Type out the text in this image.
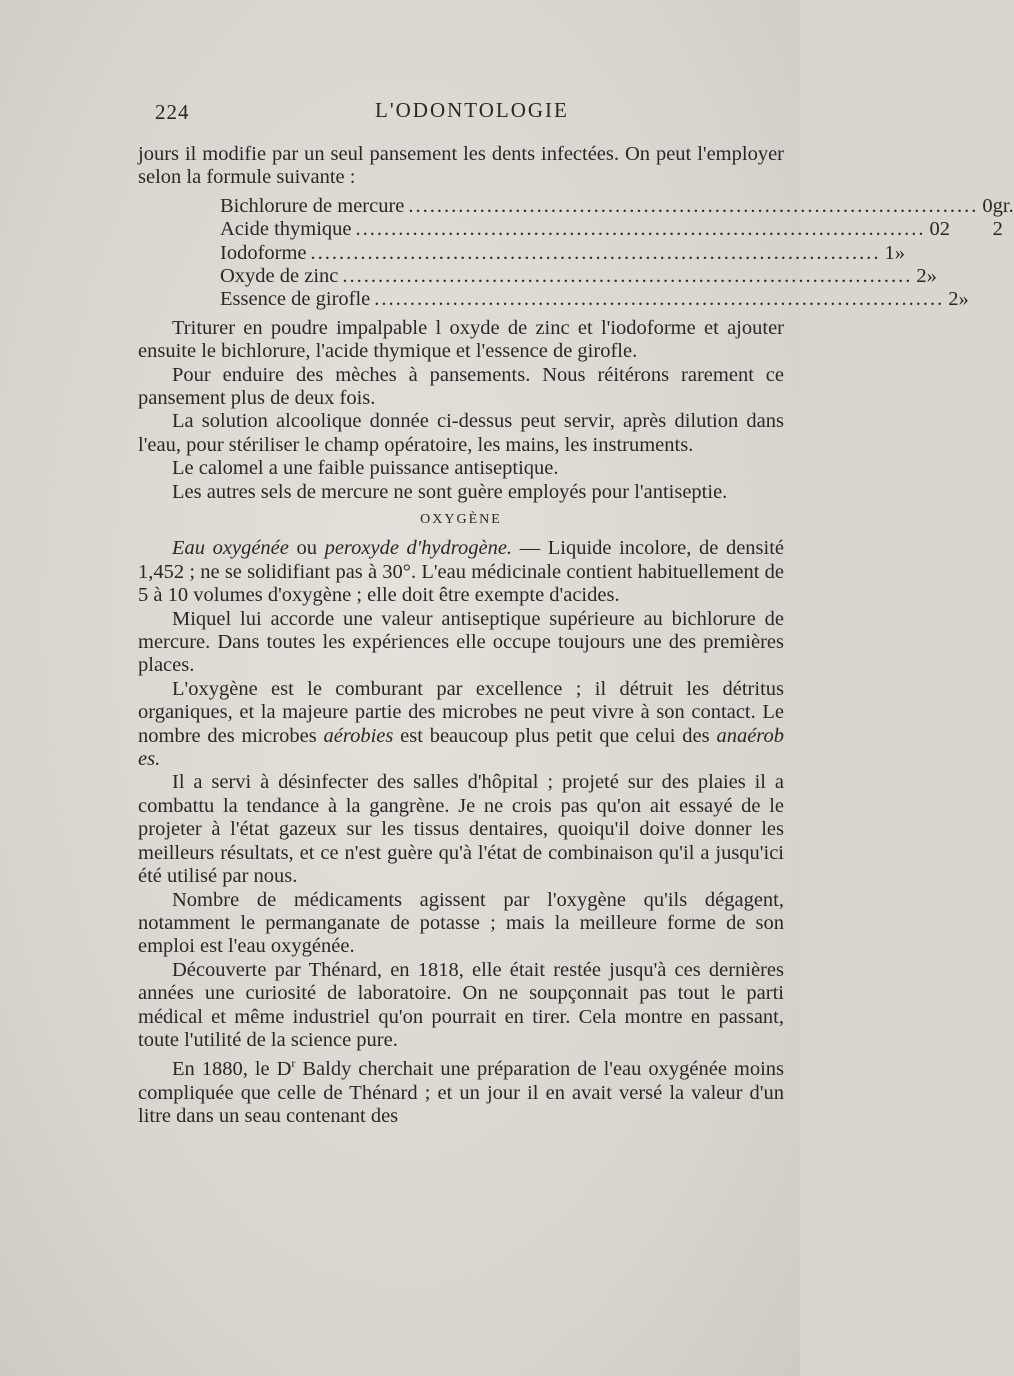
224	L'ODONTOLOGIE

jours il modifie par un seul pansement les dents infectées. On peut l'employer selon la formule suivante :

Bichlorure de mercure ................................................................................ 0 gr. 2
Acide thymique ................................................................................ 0 2
Iodoforme ................................................................................ 1 »
Oxyde de zinc ................................................................................ 2 »
Essence de girofle ................................................................................ 2 »

Triturer en poudre impalpable l oxyde de zinc et l'iodoforme et ajouter ensuite le bichlorure, l'acide thymique et l'essence de girofle.

Pour enduire des mèches à pansements. Nous réitérons rarement ce pansement plus de deux fois.

La solution alcoolique donnée ci-dessus peut servir, après dilution dans l'eau, pour stériliser le champ opératoire, les mains, les instruments.

Le calomel a une faible puissance antiseptique.

Les autres sels de mercure ne sont guère employés pour l'antiseptie.

OXYGÈNE

Eau oxygénée ou peroxyde d'hydrogène. — Liquide incolore, de densité 1,452 ; ne se solidifiant pas à 30°. L'eau médicinale contient habituellement de 5 à 10 volumes d'oxygène ; elle doit être exempte d'acides.

Miquel lui accorde une valeur antiseptique supérieure au bichlorure de mercure. Dans toutes les expériences elle occupe toujours une des premières places.

L'oxygène est le comburant par excellence ; il détruit les détritus organiques, et la majeure partie des microbes ne peut vivre à son contact. Le nombre des microbes aérobies est beaucoup plus petit que celui des anaérob es.

Il a servi à désinfecter des salles d'hôpital ; projeté sur des plaies il a combattu la tendance à la gangrène. Je ne crois pas qu'on ait essayé de le projeter à l'état gazeux sur les tissus dentaires, quoiqu'il doive donner les meilleurs résultats, et ce n'est guère qu'à l'état de combinaison qu'il a jusqu'ici été utilisé par nous.

Nombre de médicaments agissent par l'oxygène qu'ils dégagent, notamment le permanganate de potasse ; mais la meilleure forme de son emploi est l'eau oxygénée.

Découverte par Thénard, en 1818, elle était restée jusqu'à ces dernières années une curiosité de laboratoire. On ne soupçonnait pas tout le parti médical et même industriel qu'on pourrait en tirer. Cela montre en passant, toute l'utilité de la science pure.

En 1880, le $D^r$ Baldy cherchait une préparation de l'eau oxygénée moins compliquée que celle de Thénard ; et un jour il en avait versé la valeur d'un litre dans un seau contenant des
